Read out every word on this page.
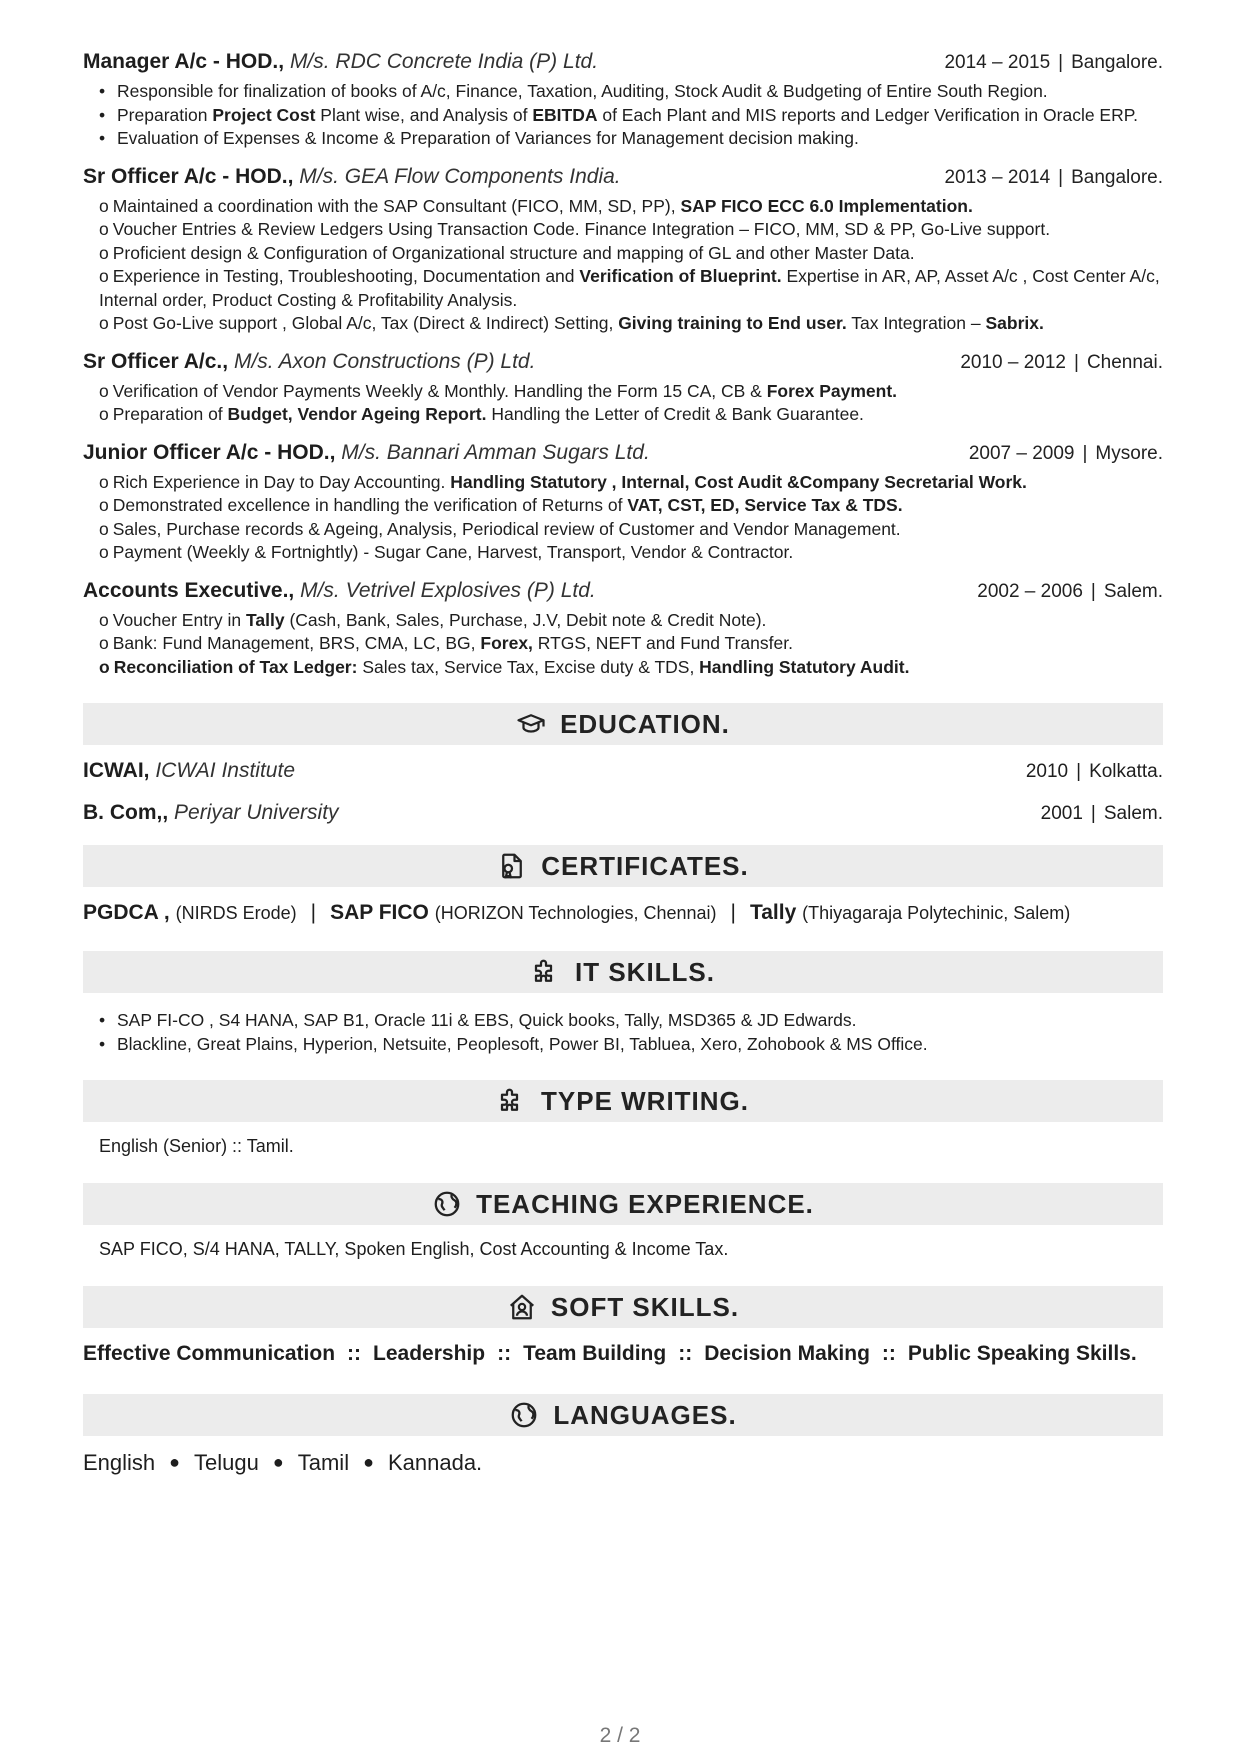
Manager A/c - HOD., M/s. RDC Concrete India (P) Ltd.	2014 – 2015 | Bangalore.
• Responsible for finalization of books of A/c, Finance, Taxation, Auditing, Stock Audit & Budgeting of Entire South Region.
• Preparation Project Cost Plant wise, and Analysis of EBITDA of Each Plant and MIS reports and Ledger Verification in Oracle ERP.
• Evaluation of Expenses & Income & Preparation of Variances for Management decision making.
Sr Officer A/c - HOD., M/s. GEA Flow Components India.	2013 – 2014 | Bangalore.
o Maintained a coordination with the SAP Consultant (FICO, MM, SD, PP), SAP FICO ECC 6.0 Implementation.
o Voucher Entries & Review Ledgers Using Transaction Code. Finance Integration – FICO, MM, SD & PP, Go-Live support.
o Proficient design & Configuration of Organizational structure and mapping of GL and other Master Data.
o Experience in Testing, Troubleshooting, Documentation and Verification of Blueprint. Expertise in AR, AP, Asset A/c , Cost Center A/c, Internal order, Product Costing & Profitability Analysis.
o Post Go-Live support , Global A/c, Tax (Direct & Indirect) Setting, Giving training to End user. Tax Integration – Sabrix.
Sr Officer A/c., M/s. Axon Constructions (P) Ltd.	2010 – 2012 | Chennai.
o Verification of Vendor Payments Weekly & Monthly. Handling the Form 15 CA, CB & Forex Payment.
o Preparation of Budget, Vendor Ageing Report. Handling the Letter of Credit & Bank Guarantee.
Junior Officer A/c - HOD., M/s. Bannari Amman Sugars Ltd.	2007 – 2009 | Mysore.
o Rich Experience in Day to Day Accounting. Handling Statutory , Internal, Cost Audit &Company Secretarial Work.
o Demonstrated excellence in handling the verification of Returns of VAT, CST, ED, Service Tax & TDS.
o Sales, Purchase records & Ageing, Analysis, Periodical review of Customer and Vendor Management.
o Payment (Weekly & Fortnightly) - Sugar Cane, Harvest, Transport, Vendor & Contractor.
Accounts Executive., M/s. Vetrivel Explosives (P) Ltd.	2002 – 2006 | Salem.
o Voucher Entry in Tally (Cash, Bank, Sales, Purchase, J.V, Debit note & Credit Note).
o Bank: Fund Management, BRS, CMA, LC, BG, Forex, RTGS, NEFT and Fund Transfer.
o Reconciliation of Tax Ledger: Sales tax, Service Tax, Excise duty & TDS, Handling Statutory Audit.
EDUCATION.
ICWAI, ICWAI Institute	2010 | Kolkatta.
B. Com,, Periyar University	2001 | Salem.
CERTIFICATES.
PGDCA , (NIRDS Erode) | SAP FICO (HORIZON Technologies, Chennai) | Tally (Thiyagaraja Polytechinic, Salem)
IT SKILLS.
• SAP FI-CO , S4 HANA, SAP B1, Oracle 11i & EBS, Quick books, Tally, MSD365 & JD Edwards.
• Blackline, Great Plains, Hyperion, Netsuite, Peoplesoft, Power BI, Tabluea, Xero, Zohobook & MS Office.
TYPE WRITING.
English (Senior) :: Tamil.
TEACHING EXPERIENCE.
SAP FICO, S/4 HANA, TALLY, Spoken English, Cost Accounting & Income Tax.
SOFT SKILLS.
Effective Communication :: Leadership :: Team Building :: Decision Making :: Public Speaking Skills.
LANGUAGES.
English ● Telugu ● Tamil ● Kannada.
2 / 2
